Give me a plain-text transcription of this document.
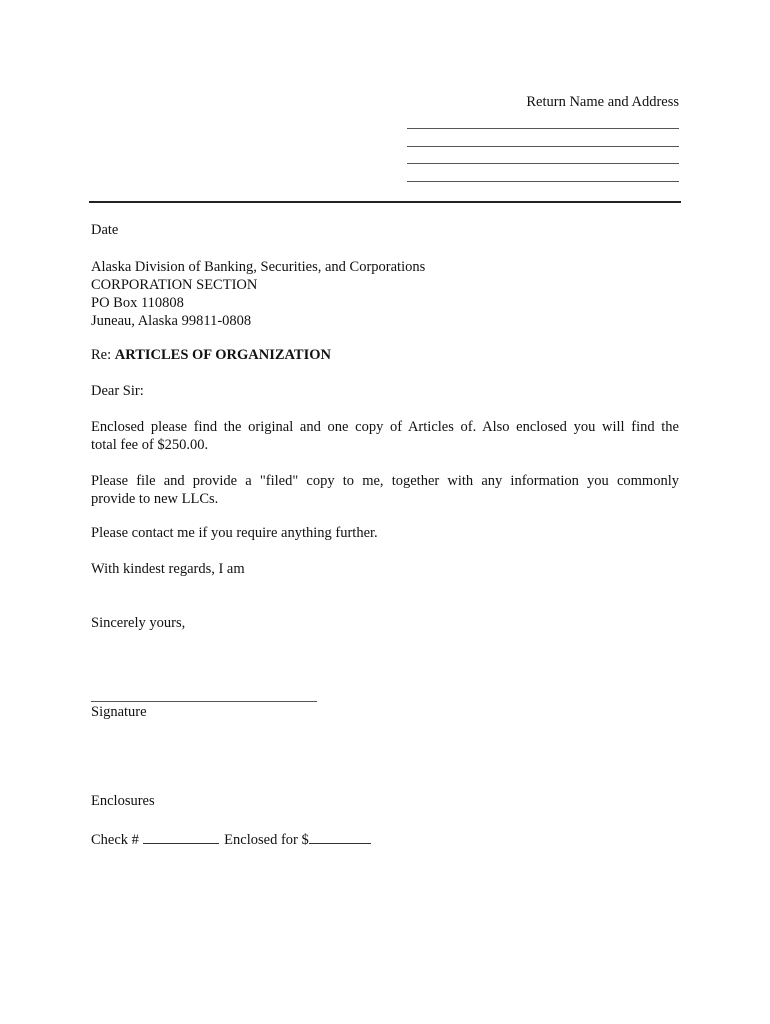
Return Name and Address
Date
Alaska Division of Banking, Securities, and Corporations
CORPORATION SECTION
PO Box 110808
Juneau, Alaska 99811-0808
Re: ARTICLES OF ORGANIZATION
Dear Sir:
Enclosed please find the original and one copy of Articles of. Also enclosed you will find the
total fee of $250.00.
Please file and provide a "filed" copy to me, together with any information you commonly
provide to new LLCs.
Please contact me if you require anything further.
With kindest regards, I am
Sincerely yours,
Signature
Enclosures
Check #	Enclosed for $
